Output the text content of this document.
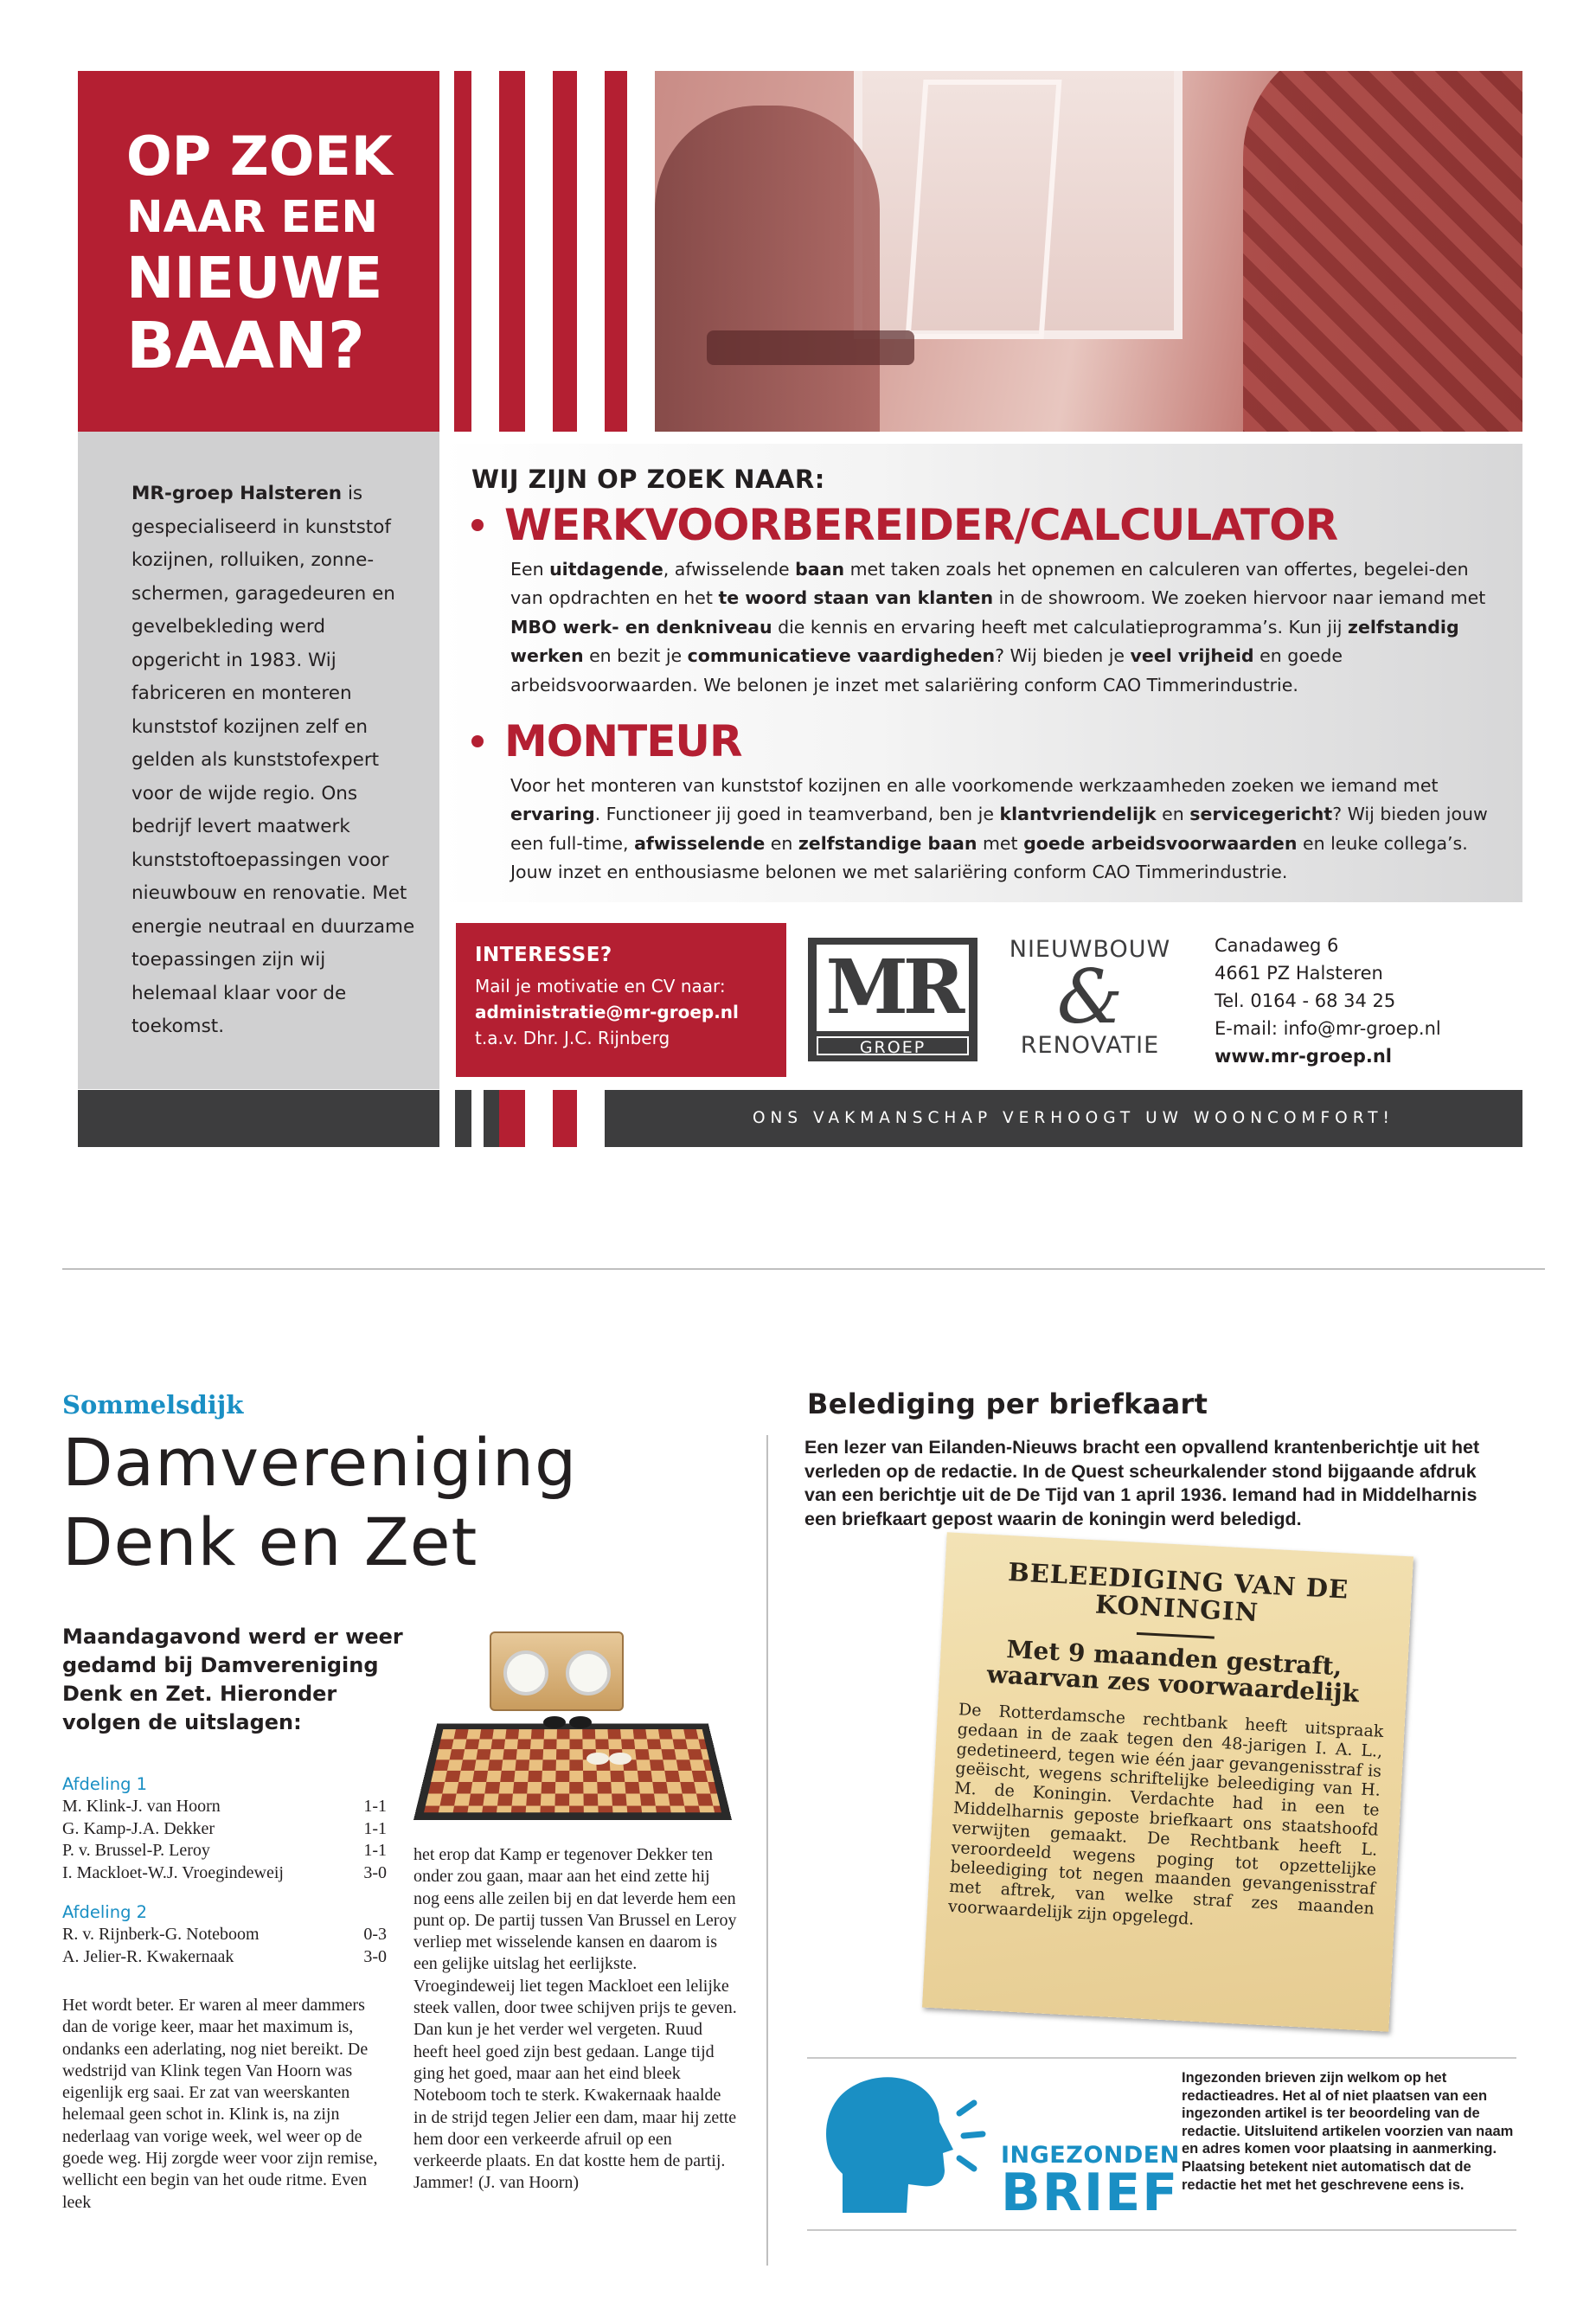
OP ZOEK
NAAR EEN
NIEUWE
BAAN?
MR-groep Halsteren is gespecialiseerd in kunststof kozijnen, rolluiken, zonne-schermen, garagedeuren en gevelbekleding werd opgericht in 1983. Wij fabriceren en monteren kunststof kozijnen zelf en gelden als kunststofexpert voor de wijde regio. Ons bedrijf levert maatwerk kunststoftoepassingen voor nieuwbouw en renovatie. Met energie neutraal en duurzame toepassingen zijn wij helemaal klaar voor de toekomst.
WIJ ZIJN OP ZOEK NAAR:
WERKVOORBEREIDER/CALCULATOR
Een uitdagende, afwisselende baan met taken zoals het opnemen en calculeren van offertes, begelei-den van opdrachten en het te woord staan van klanten in de showroom. We zoeken hiervoor naar iemand met MBO werk- en denkniveau die kennis en ervaring heeft met calculatieprogramma’s. Kun jij zelfstandig werken en bezit je communicatieve vaardigheden? Wij bieden je veel vrijheid en goede arbeidsvoorwaarden. We belonen je inzet met salariëring conform CAO Timmerindustrie.
MONTEUR
Voor het monteren van kunststof kozijnen en alle voorkomende werkzaamheden zoeken we iemand met ervaring. Functioneer jij goed in teamverband, ben je klantvriendelijk en servicegericht? Wij bieden jouw een full-time, afwisselende en zelfstandige baan met goede arbeidsvoorwaarden en leuke collega’s. Jouw inzet en enthousiasme belonen we met salariëring conform CAO Timmerindustrie.
INTERESSE?
Mail je motivatie en CV naar:
administratie@mr-groep.nl
t.a.v. Dhr. J.C. Rijnberg
MR
GROEP
NIEUWBOUW
&
RENOVATIE
Canadaweg 6
4661 PZ Halsteren
Tel. 0164 - 68 34 25
E-mail: info@mr-groep.nl
www.mr-groep.nl
ONS VAKMANSCHAP VERHOOGT UW WOONCOMFORT!
Sommelsdijk
Damvereniging
Denk en Zet
Maandagavond werd er weer gedamd bij Damvereniging Denk en Zet. Hieronder volgen de uitslagen:
Afdeling 1
M. Klink-J. van Hoorn	1-1
G. Kamp-J.A. Dekker	1-1
P. v. Brussel-P. Leroy	1-1
I. Mackloet-W.J. Vroegindeweij	3-0
Afdeling 2
R. v. Rijnberk-G. Noteboom	0-3
A. Jelier-R. Kwakernaak	3-0
Het wordt beter. Er waren al meer dammers dan de vorige keer, maar het maximum is, ondanks een aderlating, nog niet bereikt. De wedstrijd van Klink tegen Van Hoorn was eigenlijk erg saai. Er zat van weerskanten helemaal geen schot in. Klink is, na zijn nederlaag van vorige week, wel weer op de goede weg. Hij zorgde weer voor zijn remise, wellicht een begin van het oude ritme. Even leek
het erop dat Kamp er tegenover Dekker ten onder zou gaan, maar aan het eind zette hij nog eens alle zeilen bij en dat leverde hem een punt op. De partij tussen Van Brussel en Leroy verliep met wisselende kansen en daarom is een gelijke uitslag het eerlijkste. Vroegindeweij liet tegen Mackloet een lelijke steek vallen, door twee schijven prijs te geven. Dan kun je het verder wel vergeten. Ruud heeft heel goed zijn best gedaan. Lange tijd ging het goed, maar aan het eind bleek Noteboom toch te sterk. Kwakernaak haalde in de strijd tegen Jelier een dam, maar hij zette hem door een verkeerde afruil op een verkeerde plaats. En dat kostte hem de partij. Jammer! (J. van Hoorn)
Belediging per briefkaart
Een lezer van Eilanden-Nieuws bracht een opvallend krantenberichtje uit het verleden op de redactie. In de Quest scheurkalender stond bijgaande afdruk van een berichtje uit de De Tijd van 1 april 1936. Iemand had in Middelharnis een briefkaart gepost waarin de koningin werd beledigd.
BELEEDIGING VAN DE KONINGIN
Met 9 maanden gestraft, waarvan zes voorwaardelijk
De Rotterdamsche rechtbank heeft uitspraak gedaan in de zaak tegen den 48-jarigen I. A. L., gedetineerd, tegen wie één jaar gevangenisstraf is geëischt, wegens schriftelijke beleediging van H. M. de Koningin. Verdachte had in een te Middelharnis geposte briefkaart ons staatshoofd verwijten gemaakt. De Rechtbank heeft L. veroordeeld wegens poging tot opzettelijke beleediging tot negen maanden gevangenisstraf met aftrek, van welke straf zes maanden voorwaardelijk zijn opgelegd.
INGEZONDEN
BRIEF
Ingezonden brieven zijn welkom op het redactieadres. Het al of niet plaatsen van een ingezonden artikel is ter beoordeling van de redactie. Uitsluitend artikelen voorzien van naam en adres komen voor plaatsing in aanmerking. Plaatsing betekent niet automatisch dat de redactie het met het geschrevene eens is.
